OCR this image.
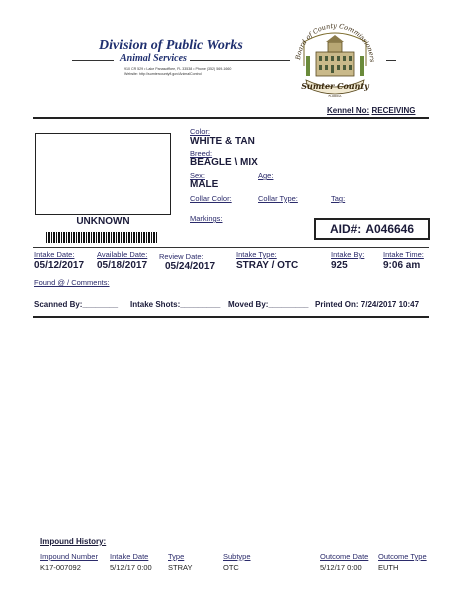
Division of Public Works
Animal Services
910 CR 529 • Lake Panasoffkee, FL 33538 • Phone (352) 569-1660
Website: http://sumtercountyfl.gov/AnimalControl
Board of County Commissioners
Sumter County
FLORIDA
Kennel No: RECEIVING
UNKNOWN
Color:
WHITE & TAN
Breed:
BEAGLE \ MIX
Sex:
MALE
Age:
Collar Color:	Collar Type:	Tag:
Markings:
AID#: A046646
Intake Date:
05/12/2017
Available Date:
05/18/2017
Review Date:
05/24/2017
Intake Type:
STRAY / OTC
Intake By:
925
Intake Time:
9:06 am
Found @ / Comments:
Scanned By:________ Intake Shots:_________ Moved By:_________ Printed On: 7/24/2017 10:47
Impound History:
Impound Number Intake Date	Type	Subtype	Outcome Date Outcome Type
K17-007092	5/12/17 0:00 STRAY	OTC	5/12/17 0:00 EUTH
